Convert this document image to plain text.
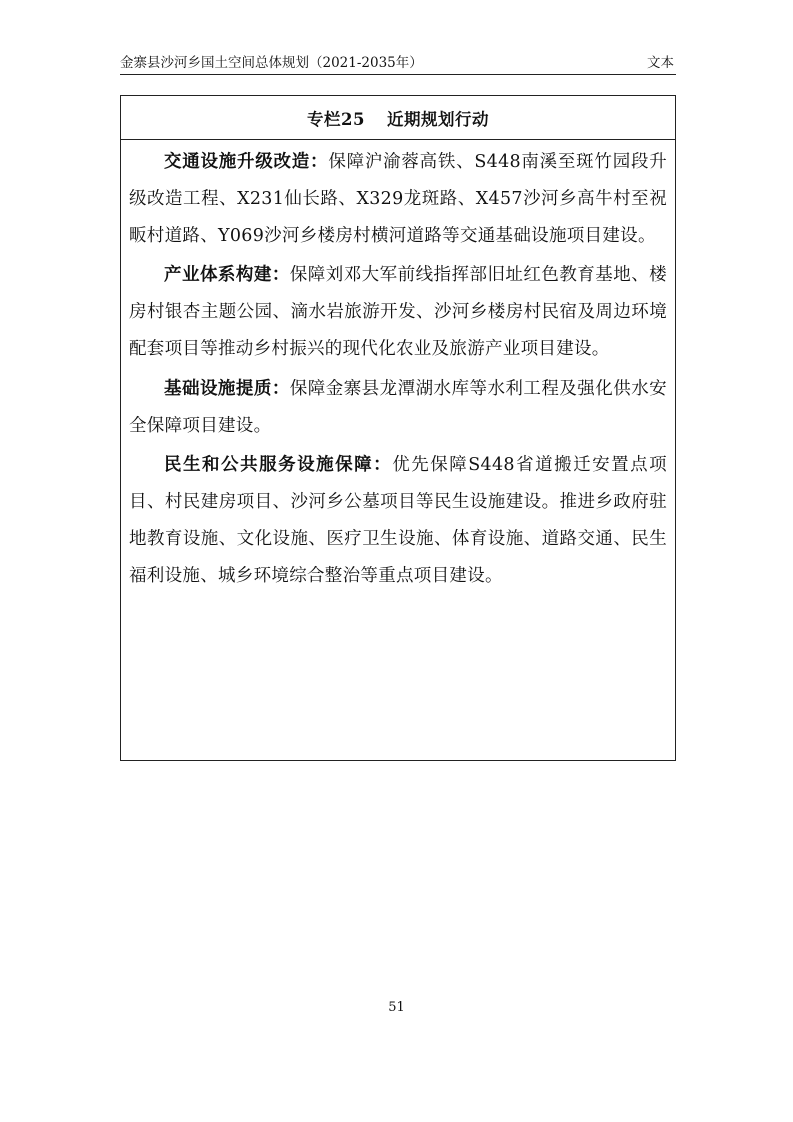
金寨县沙河乡国土空间总体规划（2021-2035年）	文本
专栏25 近期规划行动

交通设施升级改造：保障沪渝蓉高铁、S448南溪至斑竹园段升级改造工程、X231仙长路、X329龙斑路、X457沙河乡高牛村至祝畈村道路、Y069沙河乡楼房村横河道路等交通基础设施项目建设。

产业体系构建：保障刘邓大军前线指挥部旧址红色教育基地、楼房村银杏主题公园、滴水岩旅游开发、沙河乡楼房村民宿及周边环境配套项目等推动乡村振兴的现代化农业及旅游产业项目建设。

基础设施提质：保障金寨县龙潭湖水库等水利工程及强化供水安全保障项目建设。

民生和公共服务设施保障：优先保障S448省道搬迁安置点项目、村民建房项目、沙河乡公墓项目等民生设施建设。推进乡政府驻地教育设施、文化设施、医疗卫生设施、体育设施、道路交通、民生福利设施、城乡环境综合整治等重点项目建设。

51
